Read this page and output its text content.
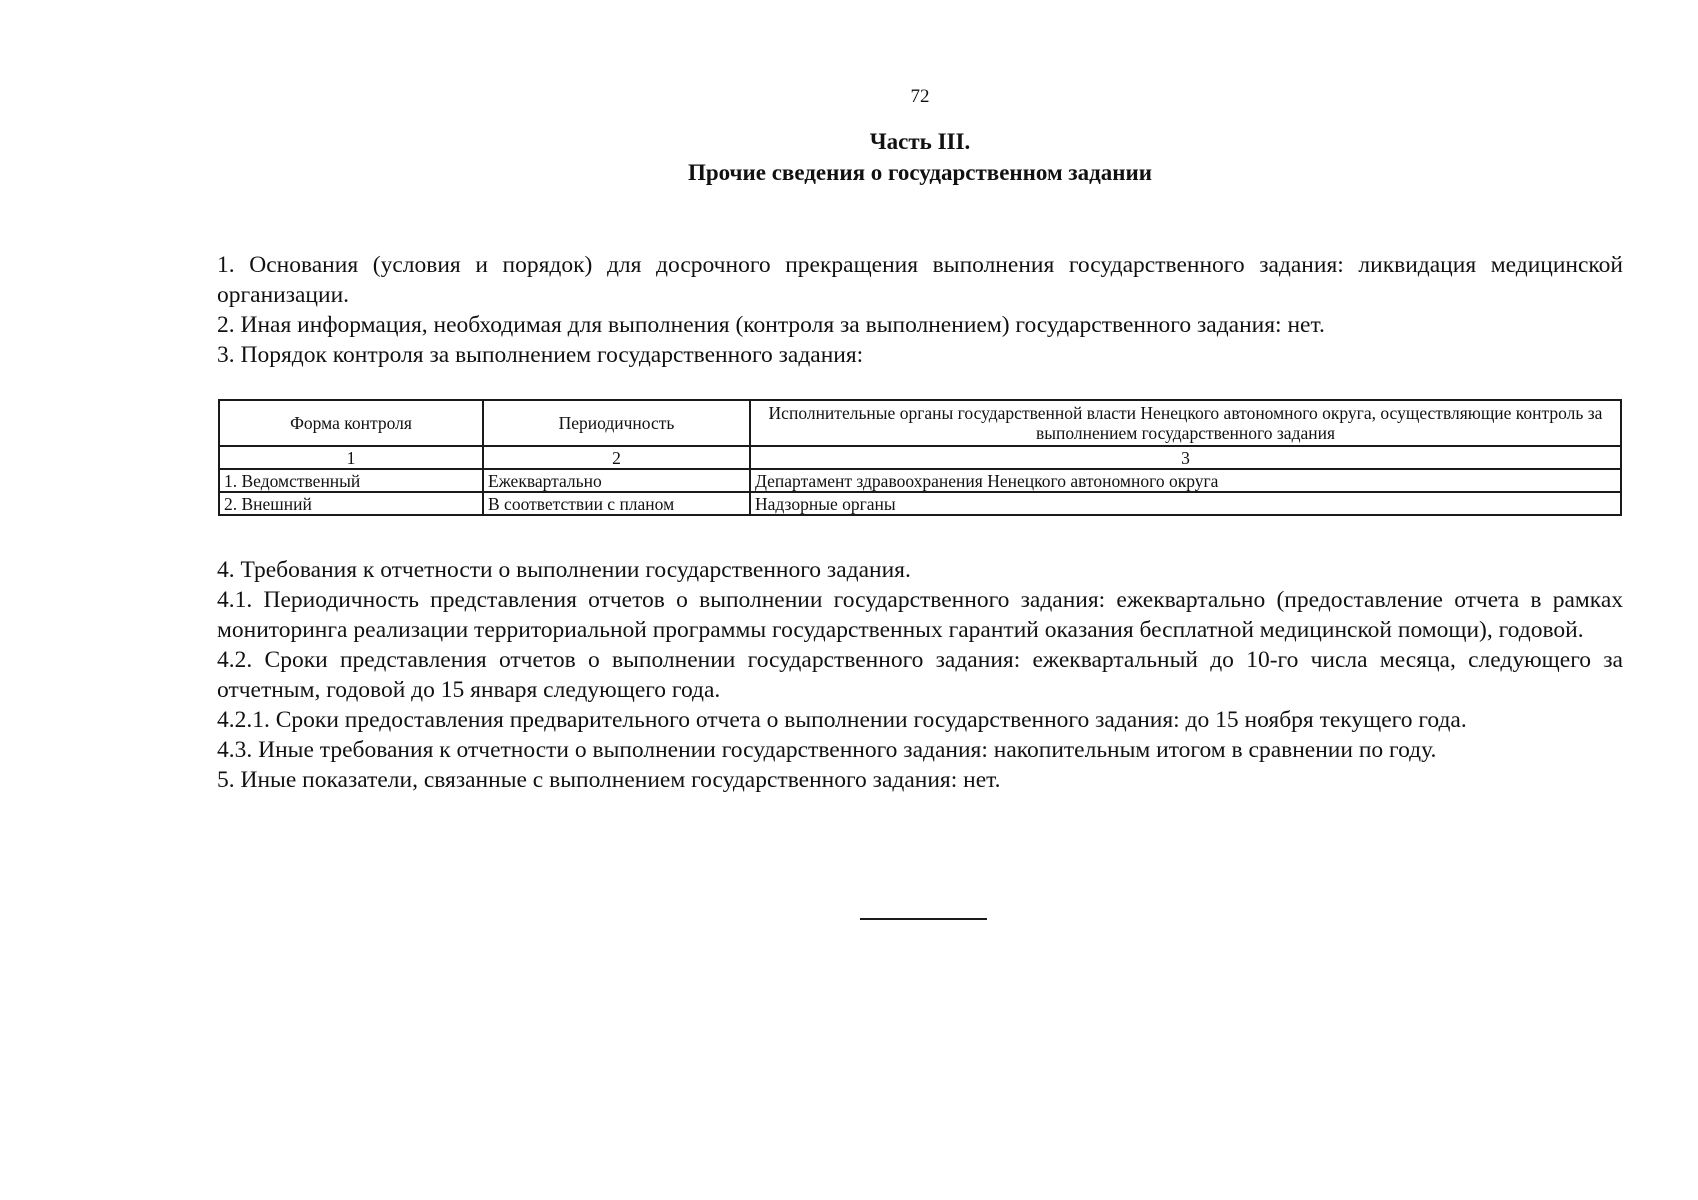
72
Часть III.
Прочие сведения о государственном задании

1. Основания (условия и порядок) для досрочного прекращения выполнения государственного задания: ликвидация медицинской организации.

2. Иная информация, необходимая для выполнения (контроля за выполнением) государственного задания: нет.

3. Порядок контроля за выполнением государственного задания:

Форма контроля	Периодичность	Исполнительные органы государственной власти Ненецкого автономного округа, осуществляющие контроль за выполнением государственного задания
1	2	3
1. Ведомственный	Ежеквартально	Департамент здравоохранения Ненецкого автономного округа
2. Внешний	В соответствии с планом	Надзорные органы

4. Требования к отчетности о выполнении государственного задания.

4.1. Периодичность представления отчетов о выполнении государственного задания: ежеквартально (предоставление отчета в рамках мониторинга реализации территориальной программы государственных гарантий оказания бесплатной медицинской помощи), годовой.

4.2. Сроки представления отчетов о выполнении государственного задания: ежеквартальный до 10-го числа месяца, следующего за отчетным, годовой до 15 января следующего года.

4.2.1. Сроки предоставления предварительного отчета о выполнении государственного задания: до 15 ноября текущего года.

4.3. Иные требования к отчетности о выполнении государственного задания: накопительным итогом в сравнении по году.

5. Иные показатели, связанные с выполнением государственного задания: нет.
